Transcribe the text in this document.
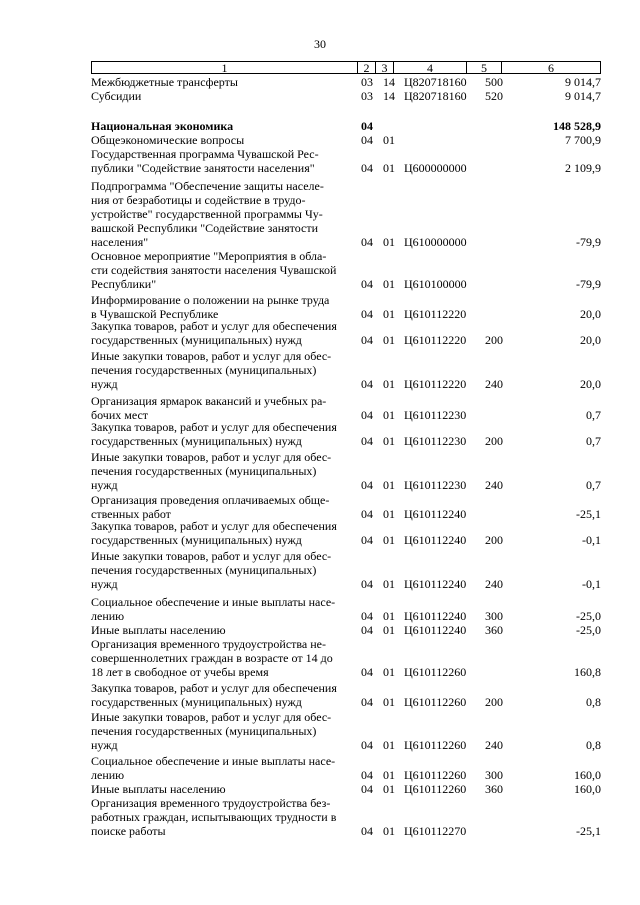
30
1	2	3	4	5	6
Межбюджетные трансферты	03 14 Ц820718160 500	9 014,7
Субсидии	03 14 Ц820718160 520	9 014,7
Национальная экономика	04	148 528,9
Общеэкономические вопросы	04 01	7 700,9
Государственная программа Чувашской Рес-
публики "Содействие занятости населения"	04 01 Ц600000000	2 109,9
Подпрограмма "Обеспечение защиты населе-
ния от безработицы и содействие в трудо-
устройстве" государственной программы Чу-
вашской Республики "Содействие занятости
населения"	04 01 Ц610000000	-79,9
Основное мероприятие "Мероприятия в обла-
сти содействия занятости населения Чувашской
Республики"	04 01 Ц610100000	-79,9
Информирование о положении на рынке труда
в Чувашской Республике	04 01 Ц610112220	20,0
Закупка товаров, работ и услуг для обеспечения
государственных (муниципальных) нужд	04 01 Ц610112220 200	20,0
Иные закупки товаров, работ и услуг для обес-
печения государственных (муниципальных)
нужд	04 01 Ц610112220 240	20,0
Организация ярмарок вакансий и учебных ра-
бочих мест	04 01 Ц610112230	0,7
Закупка товаров, работ и услуг для обеспечения
государственных (муниципальных) нужд	04 01 Ц610112230 200	0,7
Иные закупки товаров, работ и услуг для обес-
печения государственных (муниципальных)
нужд	04 01 Ц610112230 240	0,7
Организация проведения оплачиваемых обще-
ственных работ	04 01 Ц610112240	-25,1
Закупка товаров, работ и услуг для обеспечения
государственных (муниципальных) нужд	04 01 Ц610112240 200	-0,1
Иные закупки товаров, работ и услуг для обес-
печения государственных (муниципальных)
нужд	04 01 Ц610112240 240	-0,1
Социальное обеспечение и иные выплаты насе-
лению	04 01 Ц610112240 300	-25,0
Иные выплаты населению	04 01 Ц610112240 360	-25,0
Организация временного трудоустройства не-
совершеннолетних граждан в возрасте от 14 до
18 лет в свободное от учебы время	04 01 Ц610112260	160,8
Закупка товаров, работ и услуг для обеспечения
государственных (муниципальных) нужд	04 01 Ц610112260 200	0,8
Иные закупки товаров, работ и услуг для обес-
печения государственных (муниципальных)
нужд	04 01 Ц610112260 240	0,8
Социальное обеспечение и иные выплаты насе-
лению	04 01 Ц610112260 300	160,0
Иные выплаты населению	04 01 Ц610112260 360	160,0
Организация временного трудоустройства без-
работных граждан, испытывающих трудности в
поиске работы	04 01 Ц610112270	-25,1
